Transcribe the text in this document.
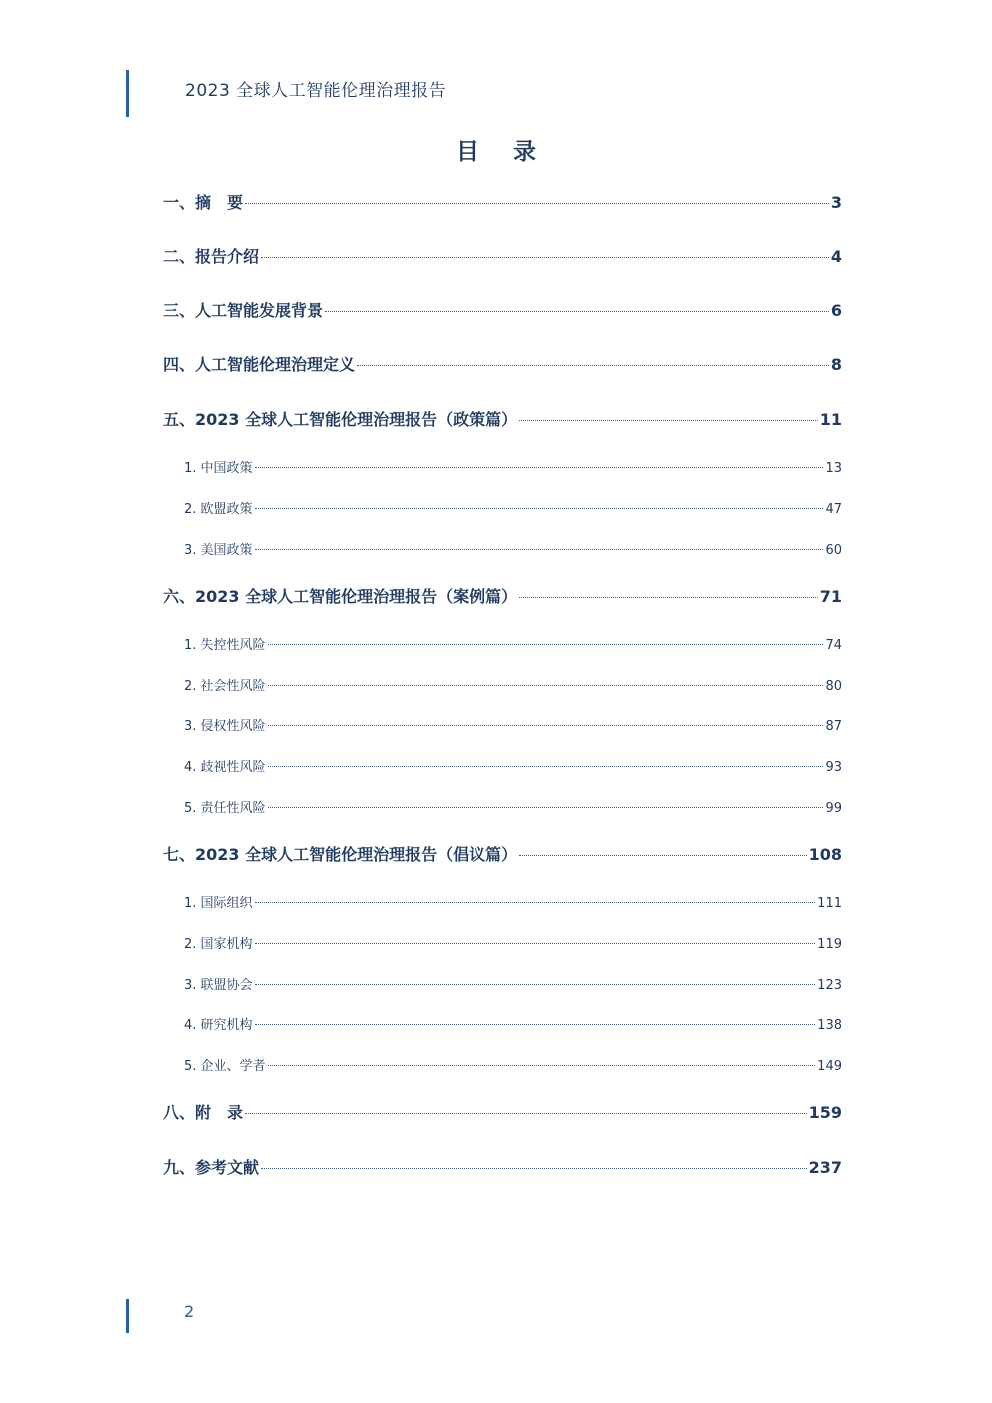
2023 全球人工智能伦理治理报告
目录
一、摘　要	3
二、报告介绍	4
三、人工智能发展背景	6
四、人工智能伦理治理定义	8
五、2023 全球人工智能伦理治理报告（政策篇）	11
1. 中国政策	13
2. 欧盟政策	47
3. 美国政策	60
六、2023 全球人工智能伦理治理报告（案例篇）	71
1. 失控性风险	74
2. 社会性风险	80
3. 侵权性风险	87
4. 歧视性风险	93
5. 责任性风险	99
七、2023 全球人工智能伦理治理报告（倡议篇）	108
1. 国际组织	111
2. 国家机构	119
3. 联盟协会	123
4. 研究机构	138
5. 企业、学者	149
八、附　录	159
九、参考文献	237
2
